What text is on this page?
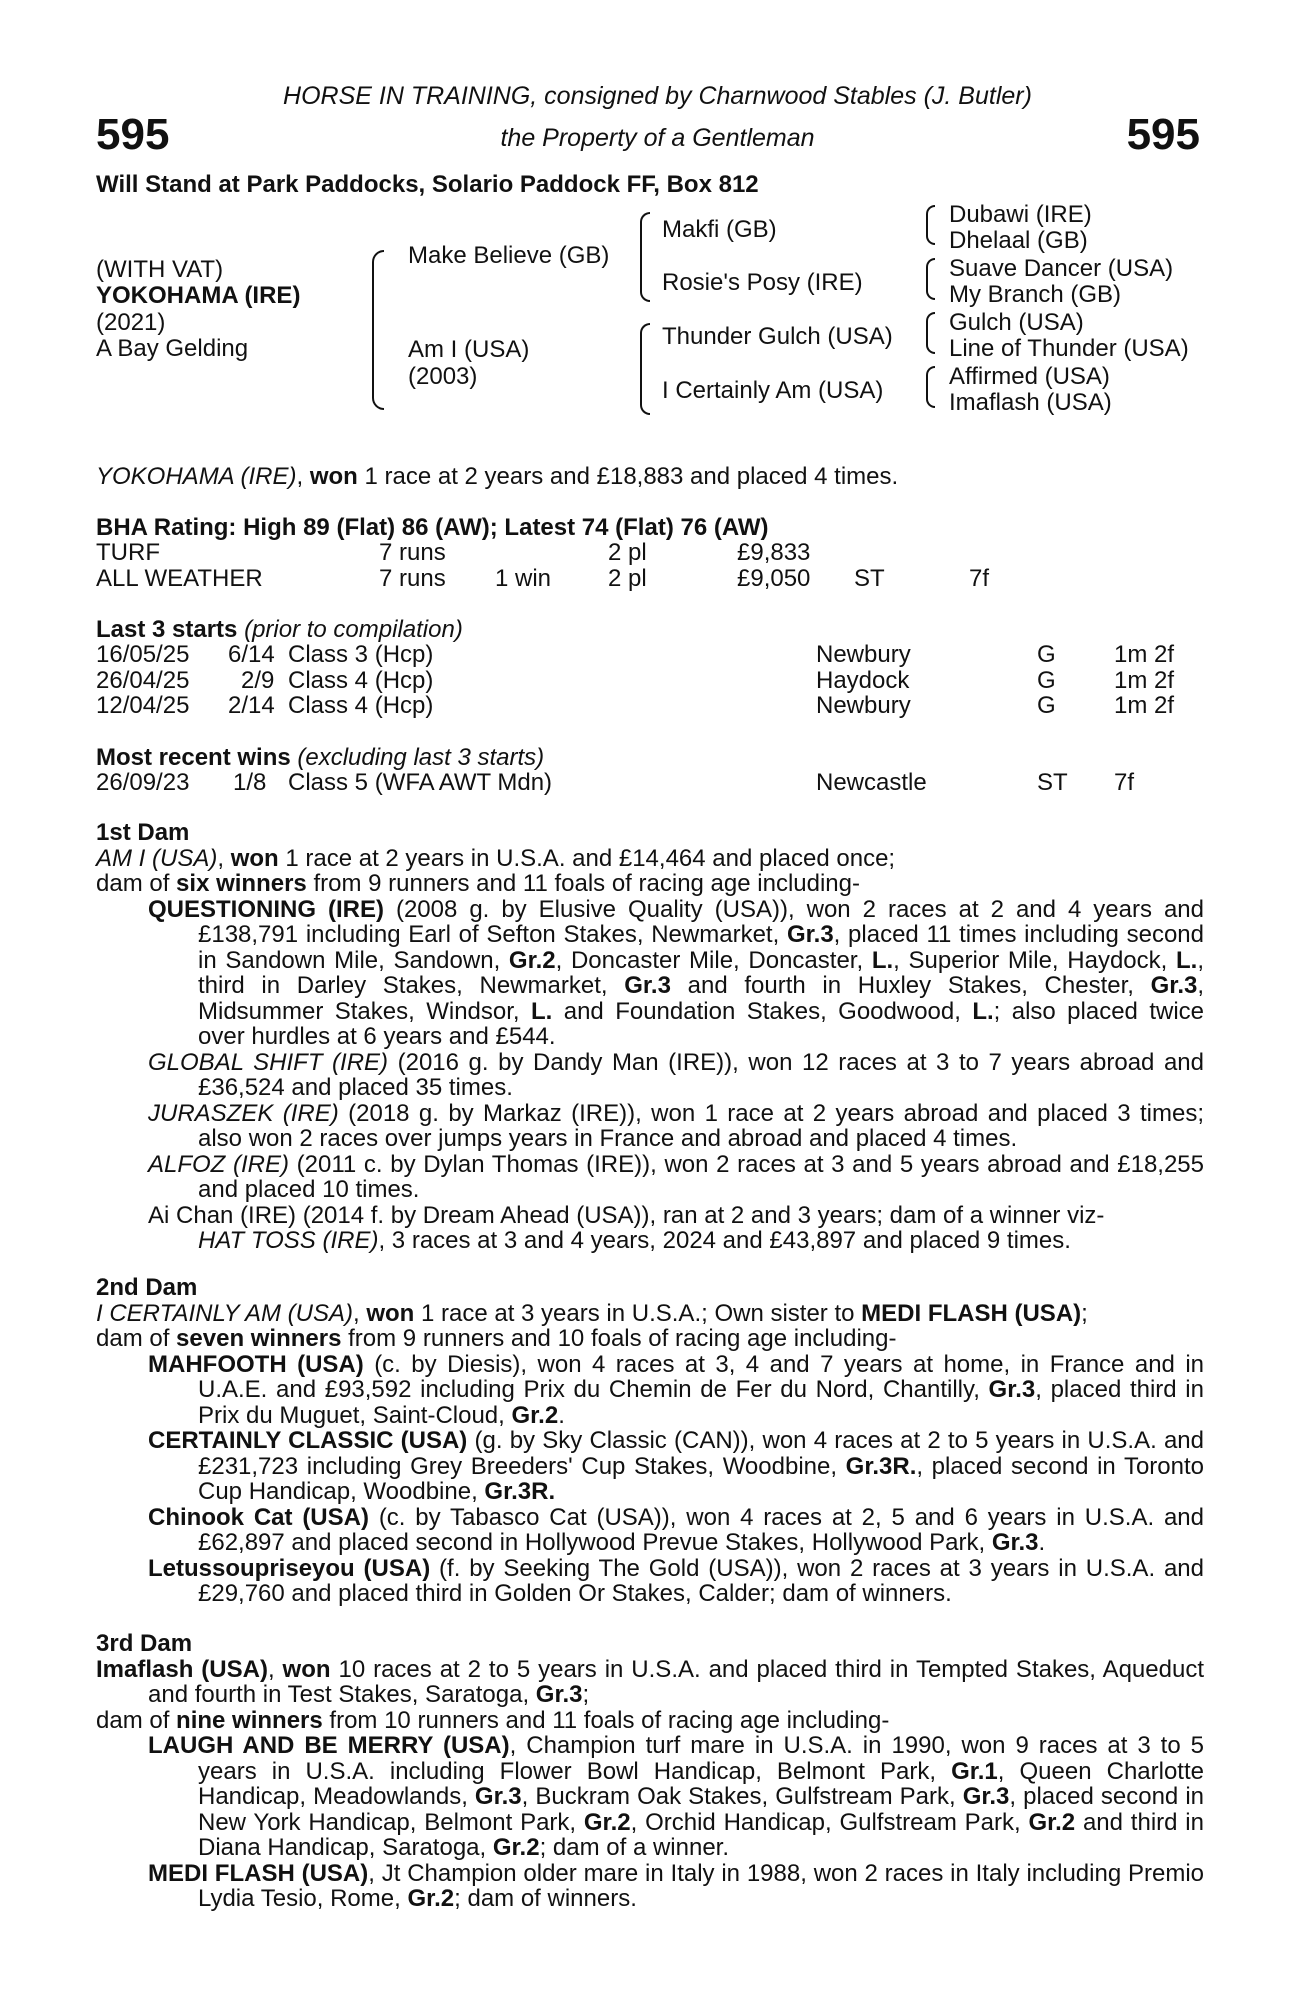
595	595
HORSE IN TRAINING, consigned by Charnwood Stables (J. Butler)
the Property of a Gentleman
Will Stand at Park Paddocks, Solario Paddock FF, Box 812
(WITH VAT)
YOKOHAMA (IRE)
(2021)
A Bay Gelding
Make Believe (GB)
Am I (USA)
(2003)
Makfi (GB)
Rosie's Posy (IRE)
Thunder Gulch (USA)
I Certainly Am (USA)
Dubawi (IRE)
Dhelaal (GB)
Suave Dancer (USA)
My Branch (GB)
Gulch (USA)
Line of Thunder (USA)
Affirmed (USA)
Imaflash (USA)
YOKOHAMA (IRE), won 1 race at 2 years and £18,883 and placed 4 times.
BHA Rating: High 89 (Flat) 86 (AW); Latest 74 (Flat) 76 (AW)
TURF	7 runs	2 pl	£9,833
ALL WEATHER	7 runs 1 win 2 pl	£9,050 ST	7f
Last 3 starts (prior to compilation)
16/05/25 6/14 Class 3 (Hcp)	Newbury	G 1m 2f
26/04/25 2/9 Class 4 (Hcp)	Haydock	G 1m 2f
12/04/25 2/14 Class 4 (Hcp)	Newbury	G 1m 2f
Most recent wins (excluding last 3 starts)
26/09/23 1/8 Class 5 (WFA AWT Mdn)	Newcastle	ST 7f

1st Dam

AM I (USA), won 1 race at 2 years in U.S.A. and £14,464 and placed once;

dam of six winners from 9 runners and 11 foals of racing age including-

QUESTIONING (IRE) (2008 g. by Elusive Quality (USA)), won 2 races at 2 and 4 years and £138,791 including Earl of Sefton Stakes, Newmarket, Gr.3, placed 11 times including second in Sandown Mile, Sandown, Gr.2, Doncaster Mile, Doncaster, L., Superior Mile, Haydock, L., third in Darley Stakes, Newmarket, Gr.3 and fourth in Huxley Stakes, Chester, Gr.3, Midsummer Stakes, Windsor, L. and Foundation Stakes, Goodwood, L.; also placed twice over hurdles at 6 years and £544.

GLOBAL SHIFT (IRE) (2016 g. by Dandy Man (IRE)), won 12 races at 3 to 7 years abroad and £36,524 and placed 35 times.

JURASZEK (IRE) (2018 g. by Markaz (IRE)), won 1 race at 2 years abroad and placed 3 times; also won 2 races over jumps years in France and abroad and placed 4 times.

ALFOZ (IRE) (2011 c. by Dylan Thomas (IRE)), won 2 races at 3 and 5 years abroad and £18,255 and placed 10 times.

Ai Chan (IRE) (2014 f. by Dream Ahead (USA)), ran at 2 and 3 years; dam of a winner viz-

HAT TOSS (IRE), 3 races at 3 and 4 years, 2024 and £43,897 and placed 9 times.

2nd Dam

I CERTAINLY AM (USA), won 1 race at 3 years in U.S.A.; Own sister to MEDI FLASH (USA);

dam of seven winners from 9 runners and 10 foals of racing age including-

MAHFOOTH (USA) (c. by Diesis), won 4 races at 3, 4 and 7 years at home, in France and in U.A.E. and £93,592 including Prix du Chemin de Fer du Nord, Chantilly, Gr.3, placed third in Prix du Muguet, Saint-Cloud, Gr.2.

CERTAINLY CLASSIC (USA) (g. by Sky Classic (CAN)), won 4 races at 2 to 5 years in U.S.A. and £231,723 including Grey Breeders' Cup Stakes, Woodbine, Gr.3R., placed second in Toronto Cup Handicap, Woodbine, Gr.3R.

Chinook Cat (USA) (c. by Tabasco Cat (USA)), won 4 races at 2, 5 and 6 years in U.S.A. and £62,897 and placed second in Hollywood Prevue Stakes, Hollywood Park, Gr.3.

Letussoupriseyou (USA) (f. by Seeking The Gold (USA)), won 2 races at 3 years in U.S.A. and £29,760 and placed third in Golden Or Stakes, Calder; dam of winners.

3rd Dam

Imaflash (USA), won 10 races at 2 to 5 years in U.S.A. and placed third in Tempted Stakes, Aqueduct and fourth in Test Stakes, Saratoga, Gr.3;

dam of nine winners from 10 runners and 11 foals of racing age including-

LAUGH AND BE MERRY (USA), Champion turf mare in U.S.A. in 1990, won 9 races at 3 to 5 years in U.S.A. including Flower Bowl Handicap, Belmont Park, Gr.1, Queen Charlotte Handicap, Meadowlands, Gr.3, Buckram Oak Stakes, Gulfstream Park, Gr.3, placed second in New York Handicap, Belmont Park, Gr.2, Orchid Handicap, Gulfstream Park, Gr.2 and third in Diana Handicap, Saratoga, Gr.2; dam of a winner.

MEDI FLASH (USA), Jt Champion older mare in Italy in 1988, won 2 races in Italy including Premio Lydia Tesio, Rome, Gr.2; dam of winners.
